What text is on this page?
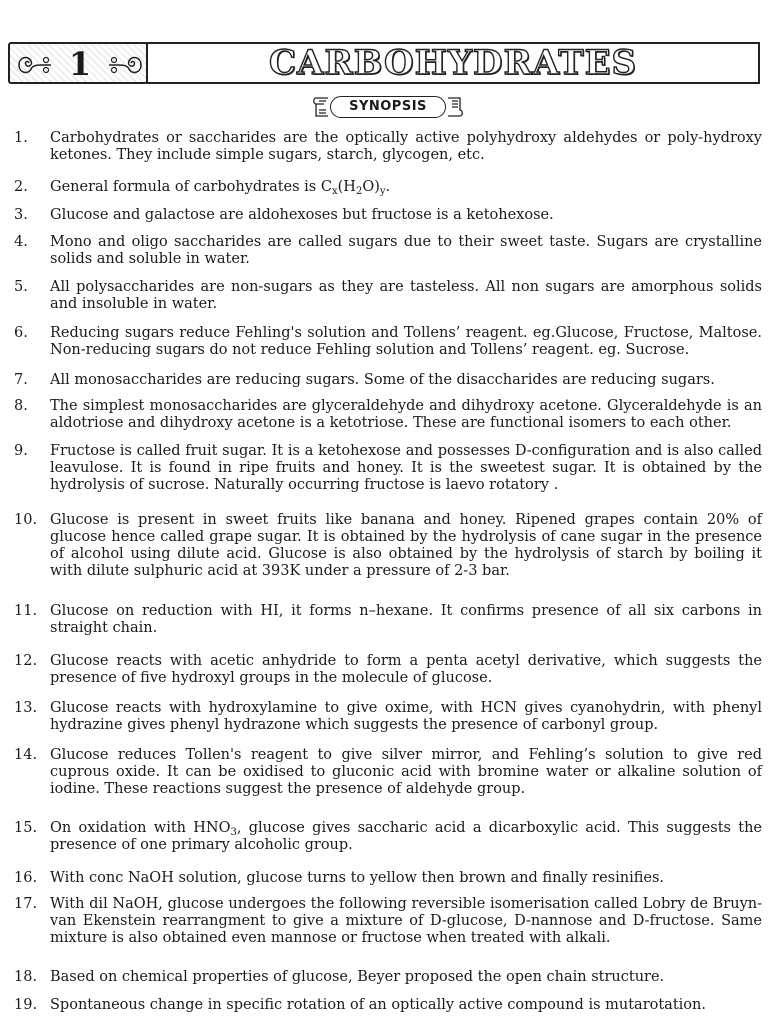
1	CARBOHYDRATES
SYNOPSIS
1.	Carbohydrates or saccharides are the optically active polyhydroxy aldehydes or poly-hydroxy ketones. They include simple sugars, starch, glycogen, etc.
2.	General formula of carbohydrates is $C_x(H_2O)_y$.
3.	Glucose and galactose are aldohexoses but fructose is a ketohexose.
4.	Mono and oligo saccharides are called sugars due to their sweet taste. Sugars are crystalline solids and soluble in water.
5.	All polysaccharides are non-sugars as they are tasteless. All non sugars are amorphous solids and insoluble in water.
6.	Reducing sugars reduce Fehling's solution and Tollens’ reagent. eg.Glucose, Fructose, Maltose. Non-reducing sugars do not reduce Fehling solution and Tollens’ reagent. eg. Sucrose.
7.	All monosaccharides are reducing sugars. Some of the disaccharides are reducing sugars.
8.	The simplest monosaccharides are glyceraldehyde and dihydroxy acetone. Glyceraldehyde is an aldotriose and dihydroxy acetone is a ketotriose. These are functional isomers to each other.
9.	Fructose is called fruit sugar. It is a ketohexose and possesses D-configuration and is also called leavulose. It is found in ripe fruits and honey. It is the sweetest sugar. It is obtained by the hydrolysis of sucrose. Naturally occurring fructose is laevo rotatory .
10. Glucose is present in sweet fruits like banana and honey. Ripened grapes contain 20% of glucose hence called grape sugar. It is obtained by the hydrolysis of cane sugar in the presence of alcohol using dilute acid. Glucose is also obtained by the hydrolysis of starch by boiling it with dilute sulphuric acid at 393K under a pressure of 2-3 bar.
11. Glucose on reduction with HI, it forms n–hexane. It confirms presence of all six carbons in straight chain.
12. Glucose reacts with acetic anhydride to form a penta acetyl derivative, which suggests the presence of five hydroxyl groups in the molecule of glucose.
13. Glucose reacts with hydroxylamine to give oxime, with HCN gives cyanohydrin, with phenyl hydrazine gives phenyl hydrazone which suggests the presence of carbonyl group.
14. Glucose reduces Tollen's reagent to give silver mirror, and Fehling’s solution to give red cuprous oxide. It can be oxidised to gluconic acid with bromine water or alkaline solution of iodine. These reactions suggest the presence of aldehyde group.
15. On oxidation with $HNO_3$, glucose gives saccharic acid a dicarboxylic acid. This suggests the presence of one primary alcoholic group.
16. With conc NaOH solution, glucose turns to yellow then brown and finally resinifies.
17. With dil NaOH, glucose undergoes the following reversible isomerisation called Lobry de Bruyn-van Ekenstein rearrangment to give a mixture of D-glucose, D-nannose and D-fructose. Same mixture is also obtained even mannose or fructose when treated with alkali.
18. Based on chemical properties of glucose, Beyer proposed the open chain structure.
19. Spontaneous change in specific rotation of an optically active compound is mutarotation.
